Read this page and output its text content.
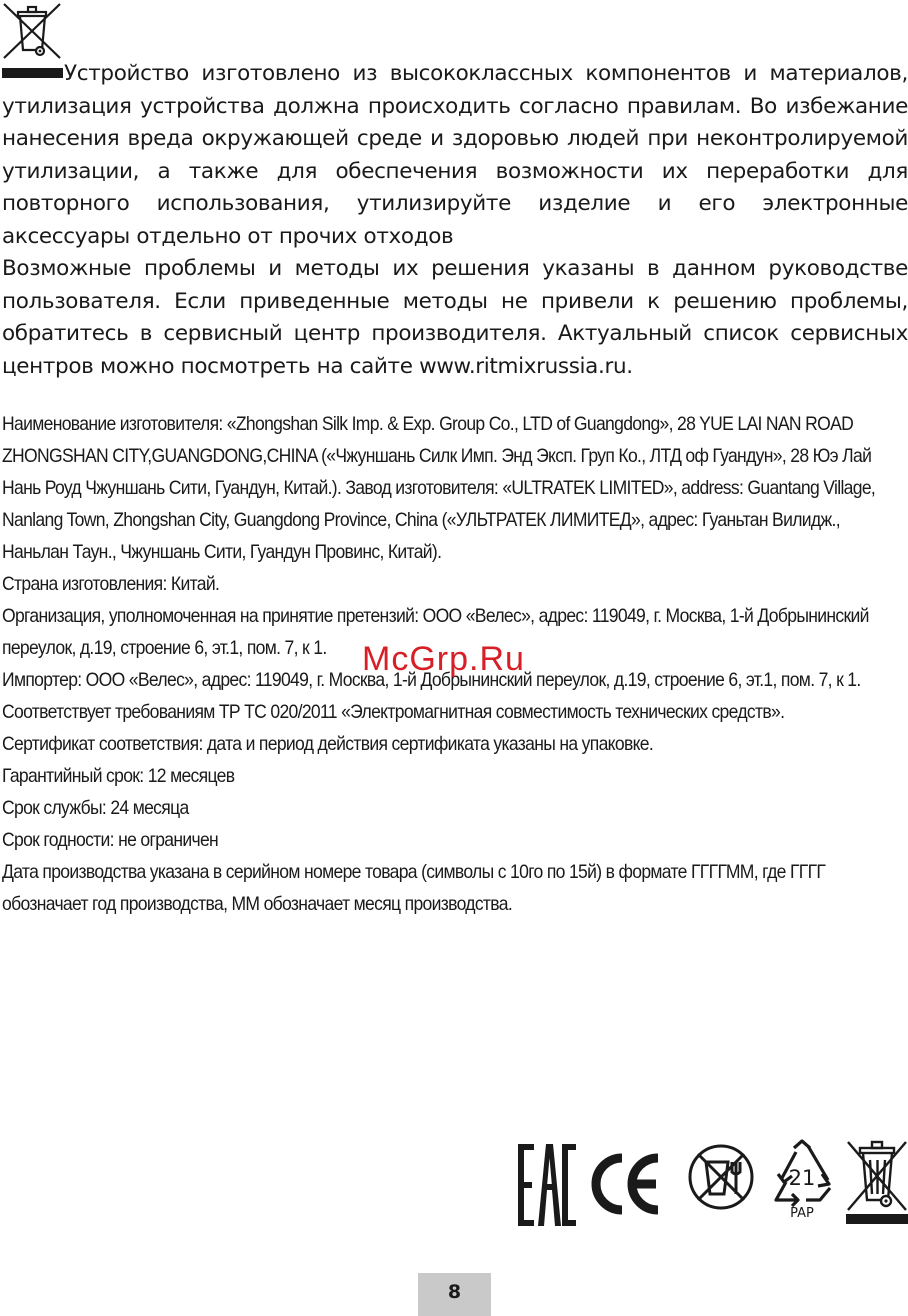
Устройство изготовлено из высококлассных компонентов и материалов, утилизация устройства должна происходить согласно правилам. Во избежание нанесения вреда окружающей среде и здоровью людей при неконтролируемой утилизации, а также для обеспечения возможности их переработки для повторного использования, утилизируйте изделие и его электронные аксессуары отдельно от прочих отходов

Возможные проблемы и методы их решения указаны в данном руководстве пользователя. Если приведенные методы не привели к решению проблемы, обратитесь в сервисный центр производителя. Актуальный список сервисных центров можно посмотреть на сайте www.ritmixrussia.ru.

Наименование изготовителя: «Zhongshan Silk Imp. & Exp. Group Co., LTD of Guangdong», 28 YUE LAI NAN ROAD ZHONGSHAN CITY,GUANGDONG,CHINA («Чжуншань Силк Имп. Энд Эксп. Груп Ко., ЛТД оф Гуандун», 28 Юэ Лай Нань Роуд Чжуншань Сити, Гуандун, Китай.). Завод изготовителя: «ULTRATEK LIMITED», address: Guantang Village, Nanlang Town, Zhongshan City, Guangdong Province, China («УЛЬТРАТЕК ЛИМИТЕД», адрес: Гуаньтан Вилидж., Наньлан Таун., Чжуншань Сити, Гуандун Провинс, Китай).

Страна изготовления: Китай.

Организация, уполномоченная на принятие претензий: ООО «Велес», адрес: 119049, г. Москва, 1-й Добрынинский переулок, д.19, строение 6, эт.1, пом. 7, к 1.

Импортер: ООО «Велес», адрес: 119049, г. Москва, 1-й Добрынинский переулок, д.19, строение 6, эт.1, пом. 7, к 1.

Соответствует требованиям ТР ТС 020/2011 «Электромагнитная совместимость технических средств».

Сертификат соответствия: дата и период действия сертификата указаны на упаковке.

Гарантийный срок: 12 месяцев

Срок службы: 24 месяца

Срок годности: не ограничен

Дата производства указана в серийном номере товара (символы с 10го по 15й) в формате ГГГГММ, где ГГГГ обозначает год производства, ММ обозначает месяц производства.

McGrp.Ru
21
PAP
8
